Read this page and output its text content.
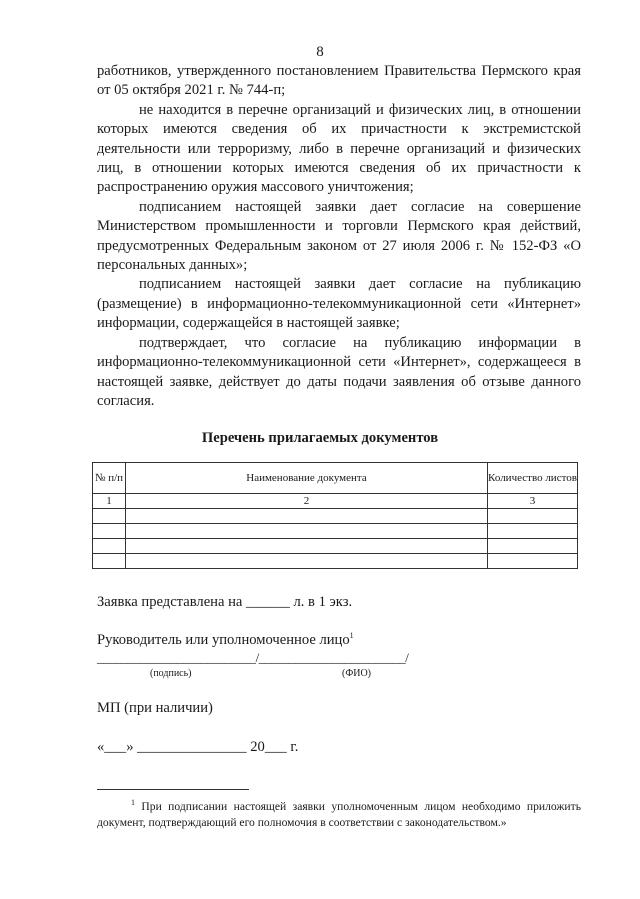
8

работников, утвержденного постановлением Правительства Пермского края от 05 октября 2021 г. № 744-п;

не находится в перечне организаций и физических лиц, в отношении которых имеются сведения об их причастности к экстремистской деятельности или терроризму, либо в перечне организаций и физических лиц, в отношении которых имеются сведения об их причастности к распространению оружия массового уничтожения;

подписанием настоящей заявки дает согласие на совершение Министерством промышленности и торговли Пермского края действий, предусмотренных Федеральным законом от 27 июля 2006 г. № 152-ФЗ «О персональных данных»;

подписанием настоящей заявки дает согласие на публикацию (размещение) в информационно-телекоммуникационной сети «Интернет» информации, содержащейся в настоящей заявке;

подтверждает, что согласие на публикацию информации в информационно-телекоммуникационной сети «Интернет», содержащееся в настоящей заявке, действует до даты подачи заявления об отзыве данного согласия.

Перечень прилагаемых документов
№ п/п	Наименование документа	Количество листов
1	2	3

Заявка представлена на ______ л. в 1 экз.
Руководитель или уполномоченное лицо$^1$
__________________________/________________________/
(подпись)	(ФИО)
МП (при наличии)
«___» _______________ 20___ г.

$^1$ При подписании настоящей заявки уполномоченным лицом необходимо приложить документ, подтверждающий его полномочия в соответствии с законодательством.»
